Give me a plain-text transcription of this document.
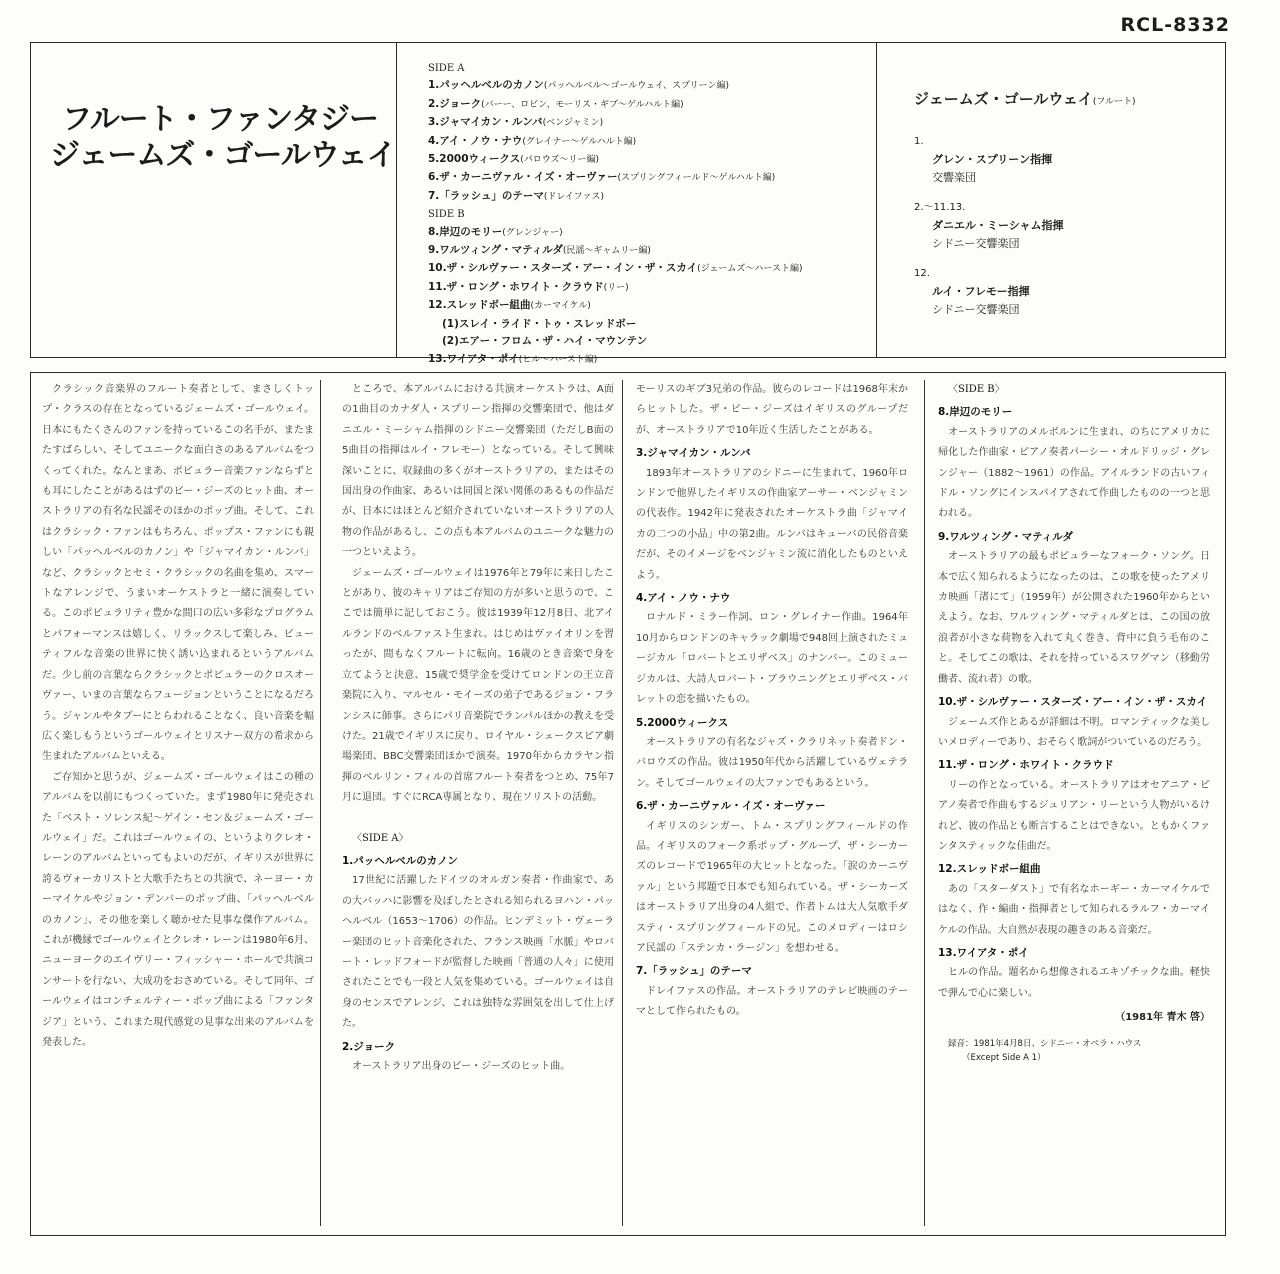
RCL-8332
フルート・ファンタジー
ジェームズ・ゴールウェイ
SIDE A
1.パッヘルベルのカノン(パッヘルベル〜ゴールウェイ、スプリーン編)
2.ジョーク(バーー、ロビン、モーリス・ギブ〜ゲルハルト編)
3.ジャマイカン・ルンバ(ベンジャミン)
4.アイ・ノウ・ナウ(グレイナー〜ゲルハルト編)
5.2000ウィークス(パロウズ〜リー編)
6.ザ・カーニヴァル・イズ・オーヴァー(スプリングフィールド〜ゲルハルト編)
7.「ラッシュ」のテーマ(ドレイファス)
SIDE B
8.岸辺のモリー(グレンジャー)
9.ワルツィング・マティルダ(民謡〜ギャムリー編)
10.ザ・シルヴァー・スターズ・アー・イン・ザ・スカイ(ジェームズ〜ハースト編)
11.ザ・ロング・ホワイト・クラウド(リー)
12.スレッドボー組曲(カーマイケル)
(1)スレイ・ライド・トゥ・スレッドボー
(2)エアー・フロム・ザ・ハイ・マウンテン
13.ワイアタ・ポイ(ヒル〜ハースト編)
ジェームズ・ゴールウェイ(フルート)
1.
グレン・スプリーン指揮
交響楽団
2.〜11.13.
ダニエル・ミーシャム指揮
シドニー交響楽団
12.
ルイ・フレモー指揮
シドニー交響楽団

クラシック音楽界のフルート奏者として、まさしくトップ・クラスの存在となっているジェームズ・ゴールウェイ。日本にもたくさんのファンを持っているこの名手が、またまたすばらしい、そしてユニークな面白さのあるアルバムをつくってくれた。なんとまあ、ポピュラー音楽ファンならずとも耳にしたことがあるはずのビー・ジーズのヒット曲、オーストラリアの有名な民謡そのほかのポップ曲。そして、これはクラシック・ファンはもちろん、ポップス・ファンにも親しい「パッヘルベルのカノン」や「ジャマイカン・ルンバ」など、クラシックとセミ・クラシックの名曲を集め、スマートなアレンジで、うまいオーケストラと一緒に演奏している。このポピュラリティ豊かな間口の広い多彩なプログラムとパフォーマンスは嬉しく、リラックスして楽しみ、ビューティフルな音楽の世界に快く誘い込まれるというアルバムだ。少し前の言葉ならクラシックとポピュラーのクロスオーヴァー、いまの言葉ならフュージョンということになるだろう。ジャンルやタブーにとらわれることなく、良い音楽を幅広く楽しもうというゴールウェイとリスナー双方の希求から生まれたアルバムといえる。

ご存知かと思うが、ジェームズ・ゴールウェイはこの種のアルバムを以前にもつくっていた。まず1980年に発売された「ベスト・ソレンス紀〜ゲイン・セン＆ジェームズ・ゴールウェイ」だ。これはゴールウェイの、というよりクレオ・レーンのアルバムといってもよいのだが、イギリスが世界に誇るヴォーカリストと大歌手たちとの共演で、ネーヨー・カーマイケルやジョン・デンバーのポップ曲、「パッヘルベルのカノン」、その他を楽しく聴かせた見事な傑作アルバム。これが機縁でゴールウェイとクレオ・レーンは1980年6月、ニューヨークのエイヴリー・フィッシャー・ホールで共演コンサートを行ない、大成功をおさめている。そして同年、ゴールウェイはコンチェルティー・ポップ曲による「ファンタジア」という、これまた現代感覚の見事な出来のアルバムを発表した。

ところで、本アルバムにおける共演オーケストラは、A面の1曲目のカナダ人・スプリーン指揮の交響楽団で、他はダニエル・ミーシャム指揮のシドニー交響楽団（ただしB面の5曲目の指揮はルイ・フレモー）となっている。そして興味深いことに、収録曲の多くがオーストラリアの、またはその国出身の作曲家、あるいは同国と深い関係のあるもの作品だが、日本にはほとんど紹介されていないオーストラリアの人物の作品があるし、この点も本アルバムのユニークな魅力の一つといえよう。

ジェームズ・ゴールウェイは1976年と79年に来日したことがあり、彼のキャリアはご存知の方が多いと思うので、ここでは簡単に記しておこう。彼は1939年12月8日、北アイルランドのベルファスト生まれ。はじめはヴァイオリンを習ったが、間もなくフルートに転向。16歳のとき音楽で身を立てようと決意、15歳で奨学金を受けてロンドンの王立音楽院に入り、マルセル・モイーズの弟子であるジョン・フランシスに師事。さらにパリ音楽院でランパルほかの教えを受けた。21歳でイギリスに戻り、ロイヤル・シェークスピア劇場楽団、BBC交響楽団ほかで演奏。1970年からカラヤン指揮のベルリン・フィルの首席フルート奏者をつとめ、75年7月に退団。すぐにRCA専属となり、現在ソリストの活動。

〈SIDE A〉

1.パッヘルベルのカノン

17世紀に活躍したドイツのオルガン奏者・作曲家で、あの大バッハに影響を及ぼしたとされる知られるヨハン・パッヘルベル（1653〜1706）の作品。ヒンデミット・ヴェーラー楽団のヒット音楽化された、フランス映画「水脈」やロバート・レッドフォードが監督した映画「普通の人々」に使用されたことでも一段と人気を集めている。ゴールウェイは自身のセンスでアレンジ、これは独特な雰囲気を出して仕上げた。

2.ジョーク

オーストラリア出身のビー・ジーズのヒット曲。

モーリスのギブ3兄弟の作品。彼らのレコードは1968年末からヒットした。ザ・ビー・ジーズはイギリスのグループだが、オーストラリアで10年近く生活したことがある。

3.ジャマイカン・ルンバ

1893年オーストラリアのシドニーに生まれて、1960年ロンドンで他界したイギリスの作曲家アーサー・ベンジャミンの代表作。1942年に発表されたオーケストラ曲「ジャマイカの二つの小品」中の第2曲。ルンバはキューバの民俗音楽だが、そのイメージをベンジャミン流に消化したものといえよう。

4.アイ・ノウ・ナウ

ロナルド・ミラー作詞、ロン・グレイナー作曲。1964年10月からロンドンのキャラック劇場で948回上演されたミュージカル「ロバートとエリザベス」のナンバー。このミュージカルは、大詩人ロバート・ブラウニングとエリザベス・バレットの恋を描いたもの。

5.2000ウィークス

オーストラリアの有名なジャズ・クラリネット奏者ドン・バロウズの作品。彼は1950年代から活躍しているヴェテラン。そしてゴールウェイの大ファンでもあるという。

6.ザ・カーニヴァル・イズ・オーヴァー

イギリスのシンガー、トム・スプリングフィールドの作品。イギリスのフォーク系ポップ・グループ、ザ・シーカーズのレコードで1965年の大ヒットとなった。「涙のカーニヴァル」という邦題で日本でも知られている。ザ・シーカーズはオーストラリア出身の4人組で、作者トムは大人気歌手ダスティ・スプリングフィールドの兄。このメロディーはロシア民謡の「ステンカ・ラージン」を想わせる。

7.「ラッシュ」のテーマ

ドレイファスの作品。オーストラリアのテレビ映画のテーマとして作られたもの。

〈SIDE B〉

8.岸辺のモリー

オーストラリアのメルボルンに生まれ、のちにアメリカに帰化した作曲家・ピアノ奏者パーシー・オルドリッジ・グレンジャー（1882〜1961）の作品。アイルランドの古いフィドル・ソングにインスパイアされて作曲したものの一つと思われる。

9.ワルツィング・マティルダ

オーストラリアの最もポピュラーなフォーク・ソング。日本で広く知られるようになったのは、この歌を使ったアメリカ映画「渚にて」（1959年）が公開された1960年からといえよう。なお、ワルツィング・マティルダとは、この国の放浪者が小さな荷物を入れて丸く巻き、背中に負う毛布のこと。そしてこの歌は、それを持っているスワグマン（移動労働者、流れ者）の歌。

10.ザ・シルヴァー・スターズ・アー・イン・ザ・スカイ

ジェームズ作とあるが詳細は不明。ロマンティックな美しいメロディーであり、おそらく歌詞がついているのだろう。

11.ザ・ロング・ホワイト・クラウド

リーの作となっている。オーストラリアはオセアニア・ピアノ奏者で作曲もするジュリアン・リーという人物がいるけれど、彼の作品とも断言することはできない。ともかくファンタスティックな佳曲だ。

12.スレッドボー組曲

あの「スターダスト」で有名なホーギー・カーマイケルではなく、作・編曲・指揮者として知られるラルフ・カーマイケルの作品。大自然が表現の趣きのある音楽だ。

13.ワイアタ・ポイ

ヒルの作品。題名から想像されるエキゾチックな曲。軽快で弾んで心に楽しい。

（1981年 青木 啓）
録音：1981年4月8日、シドニー・オペラ・ハウス
（Except Side A 1）
